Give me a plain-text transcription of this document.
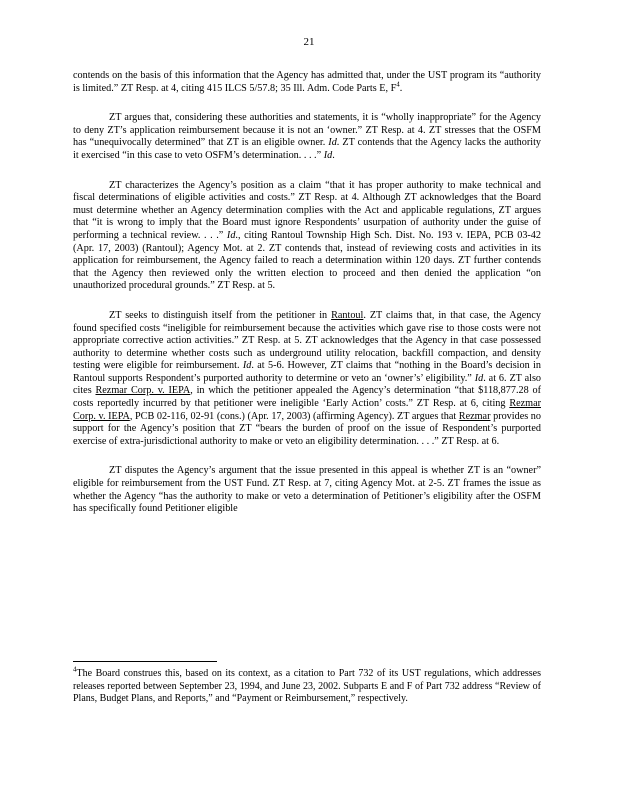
21

contends on the basis of this information that the Agency has admitted that, under the UST program its “authority is limited.” ZT Resp. at 4, citing 415 ILCS 5/57.8; 35 Ill. Adm. Code Parts E, $F^4$.

ZT argues that, considering these authorities and statements, it is “wholly inappropriate” for the Agency to deny ZT’s application reimbursement because it is not an ‘owner.” ZT Resp. at 4. ZT stresses that the OSFM has “unequivocally determined” that ZT is an eligible owner. Id. ZT contends that the Agency lacks the authority it exercised “in this case to veto OSFM’s determination. . . .” Id.

ZT characterizes the Agency’s position as a claim “that it has proper authority to make technical and fiscal determinations of eligible activities and costs.” ZT Resp. at 4. Although ZT acknowledges that the Board must determine whether an Agency determination complies with the Act and applicable regulations, ZT argues that “it is wrong to imply that the Board must ignore Respondents’ usurpation of authority under the guise of performing a technical review. . . .” Id., citing Rantoul Township High Sch. Dist. No. 193 v. IEPA, PCB 03-42 (Apr. 17, 2003) (Rantoul); Agency Mot. at 2. ZT contends that, instead of reviewing costs and activities in its application for reimbursement, the Agency failed to reach a determination within 120 days. ZT further contends that the Agency then reviewed only the written election to proceed and then denied the application “on unauthorized procedural grounds.” ZT Resp. at 5.

ZT seeks to distinguish itself from the petitioner in Rantoul. ZT claims that, in that case, the Agency found specified costs “ineligible for reimbursement because the activities which gave rise to those costs were not appropriate corrective action activities.” ZT Resp. at 5. ZT acknowledges that the Agency in that case possessed authority to determine whether costs such as underground utility relocation, backfill compaction, and density testing were eligible for reimbursement. Id. at 5-6. However, ZT claims that “nothing in the Board’s decision in Rantoul supports Respondent’s purported authority to determine or veto an ‘owner’s’ eligibility.” Id. at 6. ZT also cites Rezmar Corp. v. IEPA, in which the petitioner appealed the Agency’s determination “that $118,877.28 of costs reportedly incurred by that petitioner were ineligible ‘Early Action’ costs.” ZT Resp. at 6, citing Rezmar Corp. v. IEPA, PCB 02-116, 02-91 (cons.) (Apr. 17, 2003) (affirming Agency). ZT argues that Rezmar provides no support for the Agency’s position that ZT “bears the burden of proof on the issue of Respondent’s purported exercise of extra-jurisdictional authority to make or veto an eligibility determination. . . .” ZT Resp. at 6.

ZT disputes the Agency’s argument that the issue presented in this appeal is whether ZT is an “owner” eligible for reimbursement from the UST Fund. ZT Resp. at 7, citing Agency Mot. at 2-5. ZT frames the issue as whether the Agency “has the authority to make or veto a determination of Petitioner’s eligibility after the OSFM has specifically found Petitioner eligible

$^4$The Board construes this, based on its context, as a citation to Part 732 of its UST regulations, which addresses releases reported between September 23, 1994, and June 23, 2002. Subparts E and F of Part 732 address “Review of Plans, Budget Plans, and Reports,” and “Payment or Reimbursement,” respectively.
